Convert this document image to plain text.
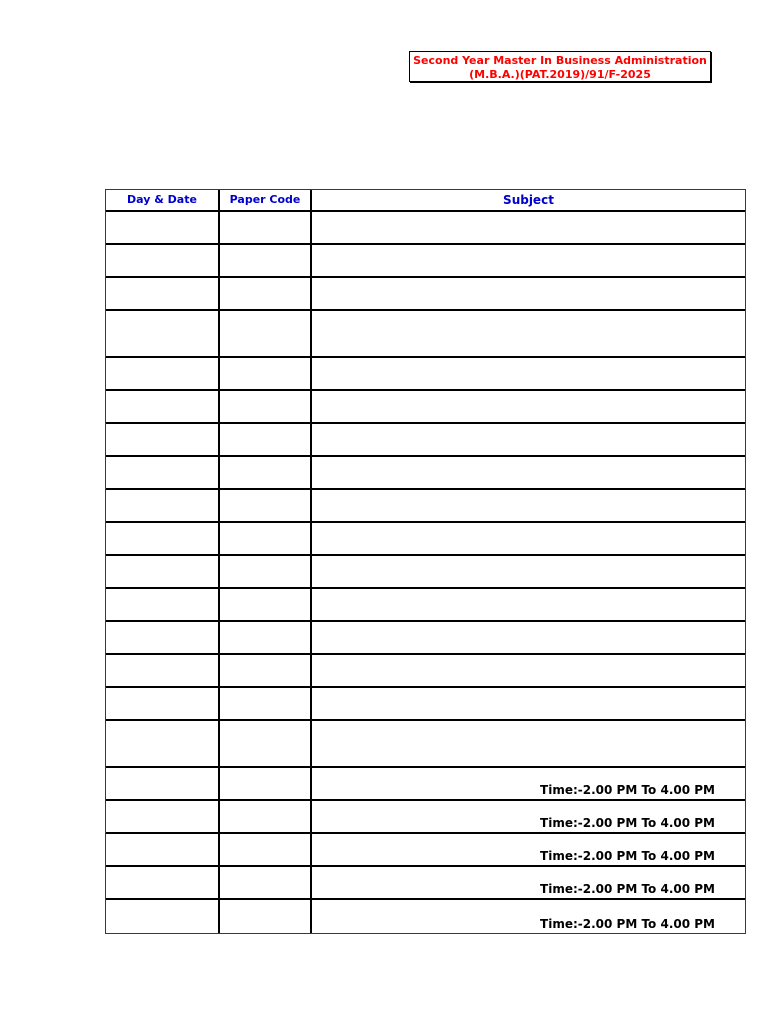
Second Year Master In Business Administration
(M.B.A.)(PAT.2019)/91/F-2025
Day & Date	Paper Code	Subject
Time:-2.00 PM To 4.00 PM
Time:-2.00 PM To 4.00 PM
Time:-2.00 PM To 4.00 PM
Time:-2.00 PM To 4.00 PM
Time:-2.00 PM To 4.00 PM
